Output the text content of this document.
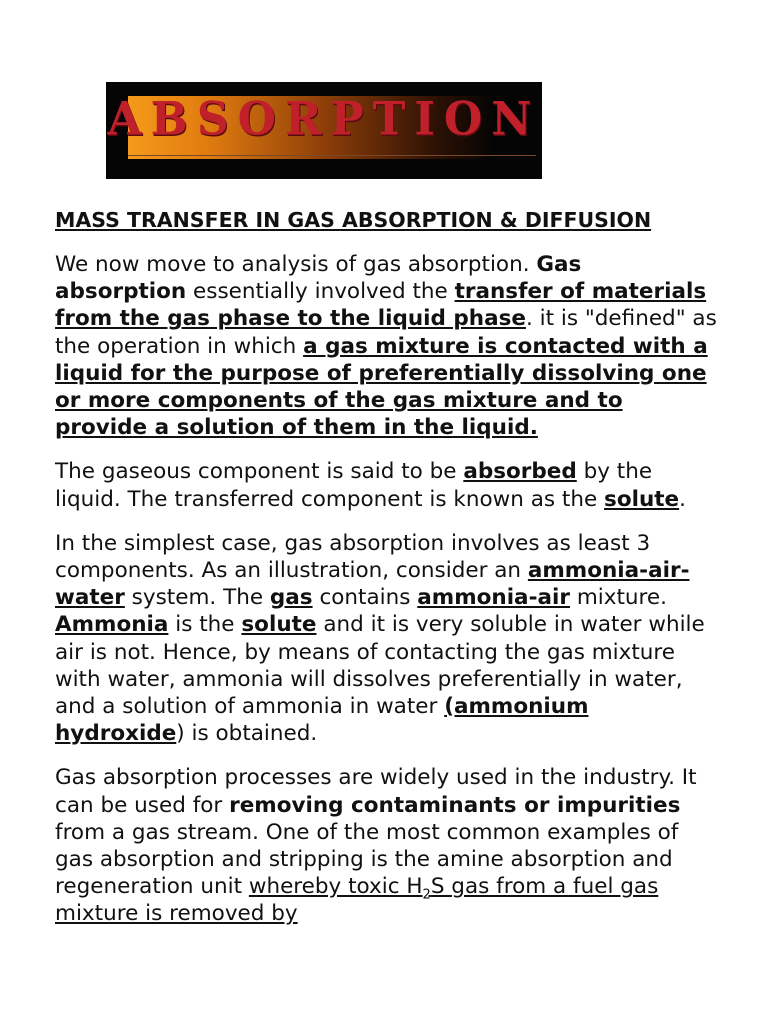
ABSORPTION
MASS TRANSFER IN GAS ABSORPTION & DIFFUSION

We now move to analysis of gas absorption. Gas absorption essentially involved the transfer of materials from the gas phase to the liquid phase. it is "defined" as the operation in which a gas mixture is contacted with a liquid for the purpose of preferentially dissolving one or more components of the gas mixture and to provide a solution of them in the liquid.

The gaseous component is said to be absorbed by the liquid. The transferred component is known as the solute.

In the simplest case, gas absorption involves as least 3 components. As an illustration, consider an ammonia-air-water system. The gas contains ammonia-air mixture. Ammonia is the solute and it is very soluble in water while air is not. Hence, by means of contacting the gas mixture with water, ammonia will dissolves preferentially in water, and a solution of ammonia in water (ammonium hydroxide) is obtained.

Gas absorption processes are widely used in the industry. It can be used for removing contaminants or impurities from a gas stream. One of the most common examples of gas absorption and stripping is the amine absorption and regeneration unit whereby toxic $H_2S$ gas from a fuel gas mixture is removed by
